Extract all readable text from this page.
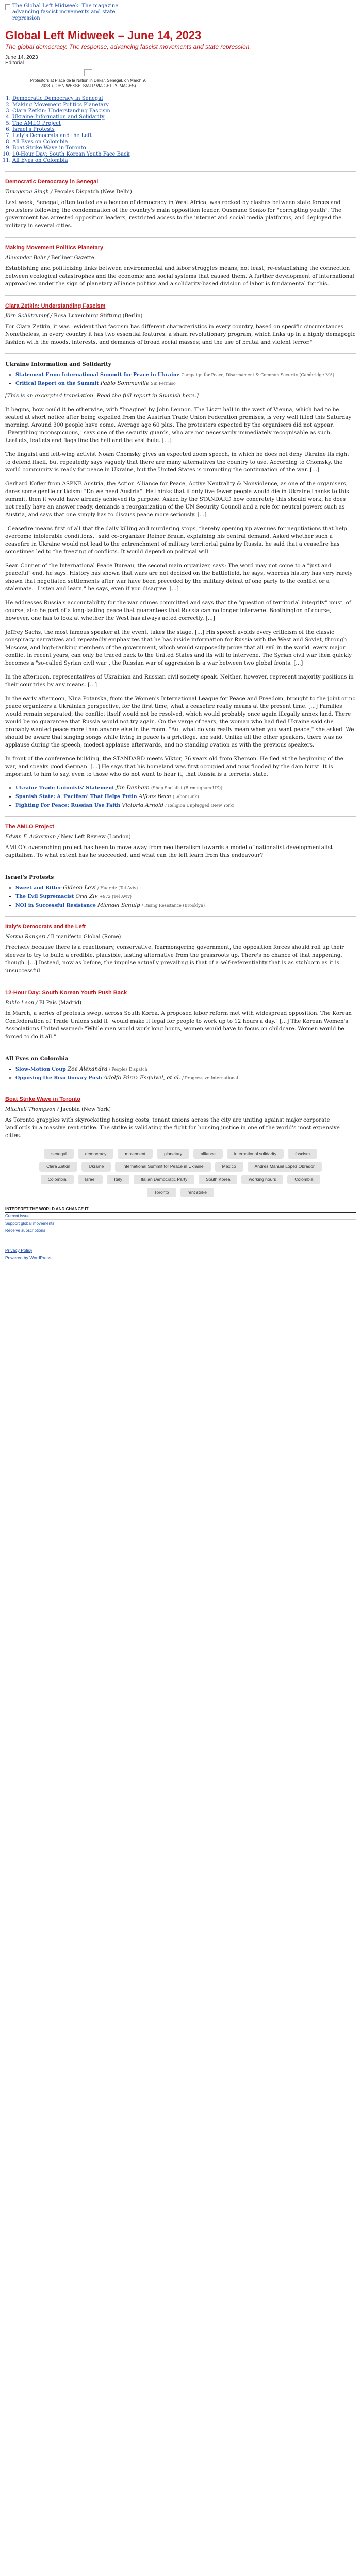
The Global Left Midweek: The magazine advancing fascist movements and state repression
Global Left Midweek – June 14, 2023
The global democracy. The response, advancing fascist movements and state repression.
June 14, 2023
Editorial
Protestors at Place de la Nation in Dakar, Senegal, on March 9, 2023. (JOHN WESSELS/AFP VIA GETTY IMAGES)
1. Democratic Democracy in Senegal
2. Making Movement Politics Planetary
3. Clara Zetkin: Understanding Fascism
4. Ukraine Information and Solidarity
5. The AMLO Project
6. Israel's Protests
7. Italy's Democrats and the Left
8. All Eyes on Colombia
9. Boat Strike Wave in Toronto
10. 10-Hour Day: South Korean Youth Face Back
11. All Eyes on Colombia
Democratic Democracy in Senegal
Tanagerza Singh / Peoples Dispatch (New Delhi)

Last week, Senegal, often touted as a beacon of democracy in West Africa, was rocked by clashes between state forces and protesters following the condemnation of the country's main opposition leader, Ousmane Sonko for "corrupting youth". The government has arrested opposition leaders, restricted access to the internet and social media platforms, and deployed the military in several cities.

Making Movement Politics Planetary
Alexander Behr / Berliner Gazette

Establishing and politicizing links between environmental and labor struggles means, not least, re-establishing the connection between ecological catastrophes and the economic and social systems that caused them. A further development of international approaches under the sign of planetary alliance politics and a solidarity-based division of labor is fundamental for this.

Clara Zetkin: Understanding Fascism
Jörn Schütrumpf / Rosa Luxemburg Stiftung (Berlin)

For Clara Zetkin, it was "evident that fascism has different characteristics in every country, based on specific circumstances. Nonetheless, in every country it has two essential features: a sham revolutionary program, which links up in a highly demagogic fashion with the moods, interests, and demands of broad social masses; and the use of brutal and violent terror."

Ukraine Information and Solidarity
• Statement From International Summit for Peace in Ukraine Campaign for Peace, Disarmament & Common Security (Cambridge MA)
• Critical Report on the Summit Pablo Sommaville Sin Permiso

[This is an excerpted translation. Read the full report in Spanish here.]

It begins, how could it be otherwise, with "Imagine" by John Lennon. The Lisztt hall in the west of Vienna, which had to be seated at short notice after being expelled from the Austrian Trade Union Federation premises, is very well filled this Saturday morning. Around 300 people have come. Average age 60 plus. The protesters expected by the organisers did not appear. "Everything inconspicuous," says one of the security guards, who are not necessarily immediately recognisable as such. Leaflets, leaflets and flags line the hall and the vestibule. [...]

The linguist and left-wing activist Noam Chomsky gives an expected zoom speech, in which he does not deny Ukraine its right to defend itself, but repeatedly says vaguely that there are many alternatives the country to use. According to Chomsky, the world community is ready for peace in Ukraine, but the United States is promoting the continuation of the war. [...]

Gerhard Kofler from ASPNB Austria, the Action Alliance for Peace, Active Neutrality & Nonviolence, as one of the organisers, dares some gentle criticism: "Do we need Austria". He thinks that if only five fewer people would die in Ukraine thanks to this summit, then it would have already achieved its purpose. Asked by the STANDARD how concretely this should work, he does not really have an answer ready, demands a reorganization of the UN Security Council and a role for neutral powers such as Austria, and says that one simply has to discuss peace more seriously. [...]

"Ceasefire means first of all that the daily killing and murdering stops, thereby opening up avenues for negotiations that help overcome intolerable conditions," said co-organizer Reiner Braun, explaining his central demand. Asked whether such a ceasefire in Ukraine would not lead to the entrenchment of military territorial gains by Russia, he said that a ceasefire has sometimes led to the freezing of conflicts. It would depend on political will.

Sean Conner of the International Peace Bureau, the second main organizer, says: The word may not come to a "just and peaceful" end, he says. History has shown that wars are not decided on the battlefield, he says, whereas history has very rarely shown that negotiated settlements after war have been preceded by the military defeat of one party to the conflict or a stalemate. "Listen and learn," he says, even if you disagree. [...]

He addresses Russia's accountability for the war crimes committed and says that the "question of territorial integrity" must, of course, also be part of a long-lasting peace that guarantees that Russia can no longer intervene. Boothington of course, however, one has to look at whether the West has always acted correctly. [...]

Jeffrey Sachs, the most famous speaker at the event, takes the stage. [...] His speech avoids every criticism of the classic conspiracy narratives and repeatedly emphasizes that he has inside information for Russia with the West and Soviet, through Moscow, and high-ranking members of the government, which would supposedly prove that all evil in the world, every major conflict in recent years, can only be traced back to the United States and its will to intervene. The Syrian civil war then quickly becomes a "so-called Syrian civil war", the Russian war of aggression is a war between two global fronts. [...]

In the afternoon, representatives of Ukrainian and Russian civil society speak. Neither, however, represent majority positions in their countries by any means. [...]

In the early afternoon, Nina Potarska, from the Women's International League for Peace and Freedom, brought to the joint or no peace organizers a Ukrainian perspective, for the first time, what a ceasefire really means at the present time. [...] Families would remain separated; the conflict itself would not be resolved, which would probably once again illegally annex land. There would be no guarantee that Russia would not try again. On the verge of tears, the woman who had fled Ukraine said she probably wanted peace more than anyone else in the room. "But what do you really mean when you want peace," she asked. We should be aware that singing songs while living in peace is a privilege, she said. Unlike all the other speakers, there was no applause during the speech, modest applause afterwards, and no standing ovation as with the previous speakers.

In front of the conference building, the STANDARD meets Viktor, 76 years old from Kherson. He fled at the beginning of the war, and speaks good German. [...] He says that his homeland was first occupied and now flooded by the dam burst. It is important to him to say, even to those who do not want to hear it, that Russia is a terrorist state.

• Ukraine Trade Unionists' Statement Jim Denham (Shop Socialist (Birmingham UK))
• Spanish State: A 'Pacifism' That Helps Putin Alfons Bech (Labor Link)
• Fighting For Peace: Russian Use Faith Victoria Arnold / Religion Unplugged (New York)
The AMLO Project
Edwin F. Ackerman / New Left Review (London)

AMLO's overarching project has been to move away from neoliberalism towards a model of nationalist developmentalist capitalism. To what extent has he succeeded, and what can the left learn from this endeavour?

Israel's Protests
• Sweet and Bitter Gideon Levi / Haaretz (Tel Aviv)
• The Evil Supremacist Orel Ziv +972 (Tel Aviv)
• NOI in Successful Resistance Michael Schulp / Rising Resistance (Brooklyn)
Italy's Democrats and the Left
Norma Rangeri / Il manifesto Global (Rome)

Precisely because there is a reactionary, conservative, fearmongering government, the opposition forces should roll up their sleeves to try to build a credible, plausible, lasting alternative from the grassroots up. There's no chance of that happening, though. [...] Instead, now as before, the impulse actually prevailing is that of a self-referentiality that is as stubborn as it is unsuccessful.

12-Hour Day: South Korean Youth Push Back
Pablo Leon / El País (Madrid)

In March, a series of protests swept across South Korea. A proposed labor reform met with widespread opposition. The Korean Confederation of Trade Unions said it "would make it legal for people to work up to 12 hours a day." [...] The Korean Women's Associations United warned: "While men would work long hours, women would have to focus on childcare. Women would be forced to do it all."

All Eyes on Colombia
• Slow-Motion Coup Zoe Alexandra / Peoples Dispatch
• Opposing the Reactionary Push Adolfo Pérez Esquivel, et al. / Progressive International
Boat Strike Wave in Toronto
Mitchell Thompson / Jacobin (New York)

As Toronto grapples with skyrocketing housing costs, tenant unions across the city are uniting against major corporate landlords in a massive rent strike. The strike is validating the fight for housing justice in one of the world's most expensive cities.

senegal	democracy	movement	planetary	alliance	international solidarity	fascism
Clara Zetkin	Ukraine	International Summit for Peace in Ukraine	Mexico	Andrés Manuel López Obrador
Colombia	Israel	Italy	Italian Democratic Party	South Korea	working hours	Colombia
Toronto	rent strike
INTERPRET THE WORLD AND CHANGE IT
Current issue
Support global movements
Receive subscriptions
Privacy Policy
Powered by WordPress
